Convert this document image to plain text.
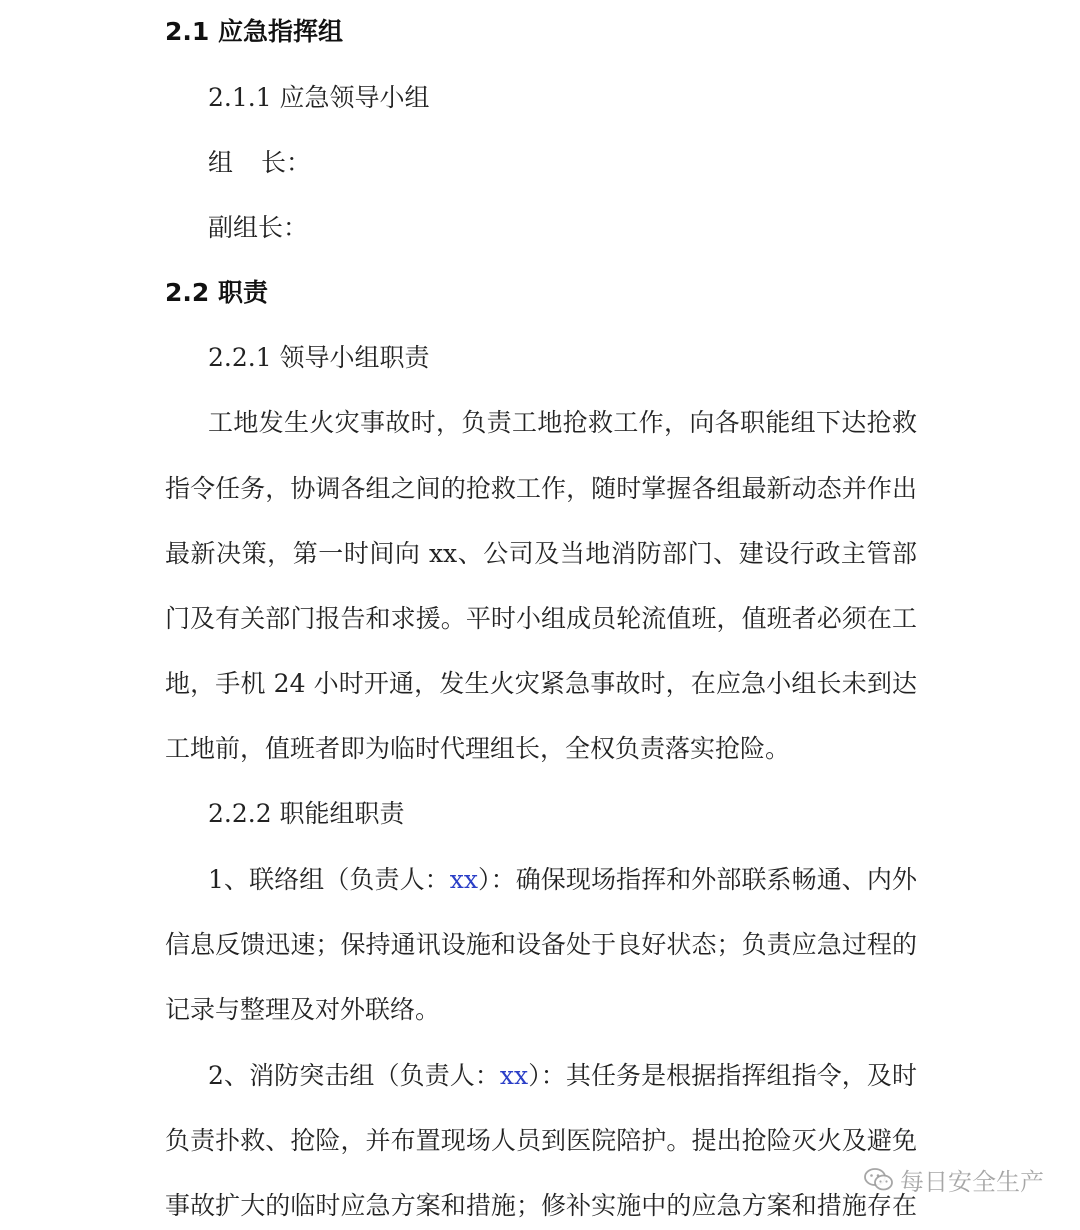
2.1 应急指挥组
2.1.1 应急领导小组
组 长：
副组长：
2.2 职责
2.2.1 领导小组职责
工地发生火灾事故时，负责工地抢救工作，向各职能组下达抢救
指令任务，协调各组之间的抢救工作，随时掌握各组最新动态并作出
最新决策，第一时间向 xx、公司及当地消防部门、建设行政主管部
门及有关部门报告和求援。平时小组成员轮流值班，值班者必须在工
地，手机 24 小时开通，发生火灾紧急事故时，在应急小组长未到达
工地前，值班者即为临时代理组长，全权负责落实抢险。
2.2.2 职能组职责
1、联络组（负责人：xx）：确保现场指挥和外部联系畅通、内外
信息反馈迅速；保持通讯设施和设备处于良好状态；负责应急过程的
记录与整理及对外联络。
2、消防突击组（负责人：xx）：其任务是根据指挥组指令，及时
负责扑救、抢险，并布置现场人员到医院陪护。提出抢险灭火及避免
事故扩大的临时应急方案和措施；修补实施中的应急方案和措施存在
每日安全生产
